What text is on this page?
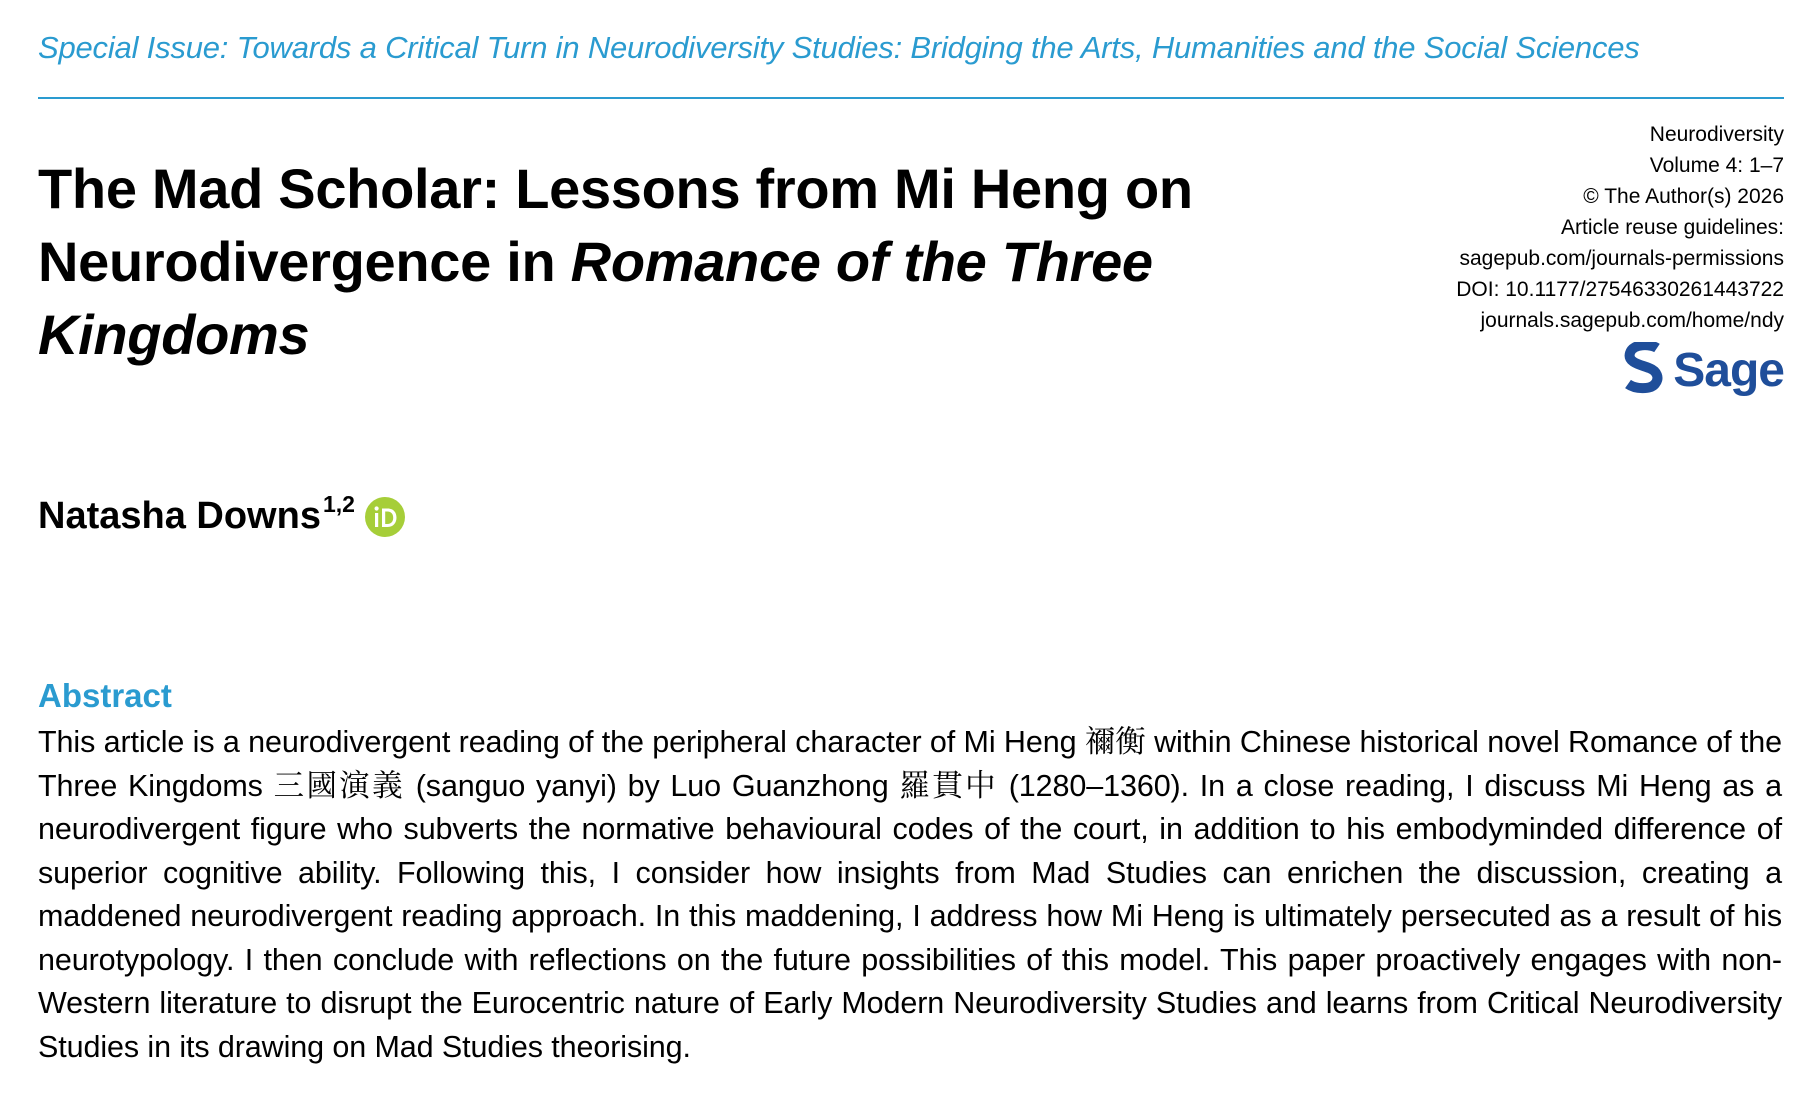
Special Issue: Towards a Critical Turn in Neurodiversity Studies: Bridging the Arts, Humanities and the Social Sciences
The Mad Scholar: Lessons from Mi Heng on Neurodivergence in Romance of the Three Kingdoms
Neurodiversity
Volume 4: 1–7
© The Author(s) 2026
Article reuse guidelines:
sagepub.com/journals-permissions
DOI: 10.1177/27546330261443722
journals.sagepub.com/home/ndy
Sage
Natasha Downs$^{1,2}$
Abstract

This article is a neurodivergent reading of the peripheral character of Mi Heng 禰衡 within Chinese historical novel Romance of the Three Kingdoms 三國演義 (sanguo yanyi) by Luo Guanzhong 羅貫中 (1280–1360). In a close reading, I discuss Mi Heng as a neurodivergent figure who subverts the normative behavioural codes of the court, in addition to his embodyminded difference of superior cognitive ability. Following this, I consider how insights from Mad Studies can enrichen the discussion, creating a maddened neurodivergent reading approach. In this maddening, I address how Mi Heng is ultimately persecuted as a result of his neurotypology. I then conclude with reflections on the future possibilities of this model. This paper proactively engages with non-Western literature to disrupt the Eurocentric nature of Early Modern Neurodiversity Studies and learns from Critical Neurodiversity Studies in its drawing on Mad Studies theorising.
